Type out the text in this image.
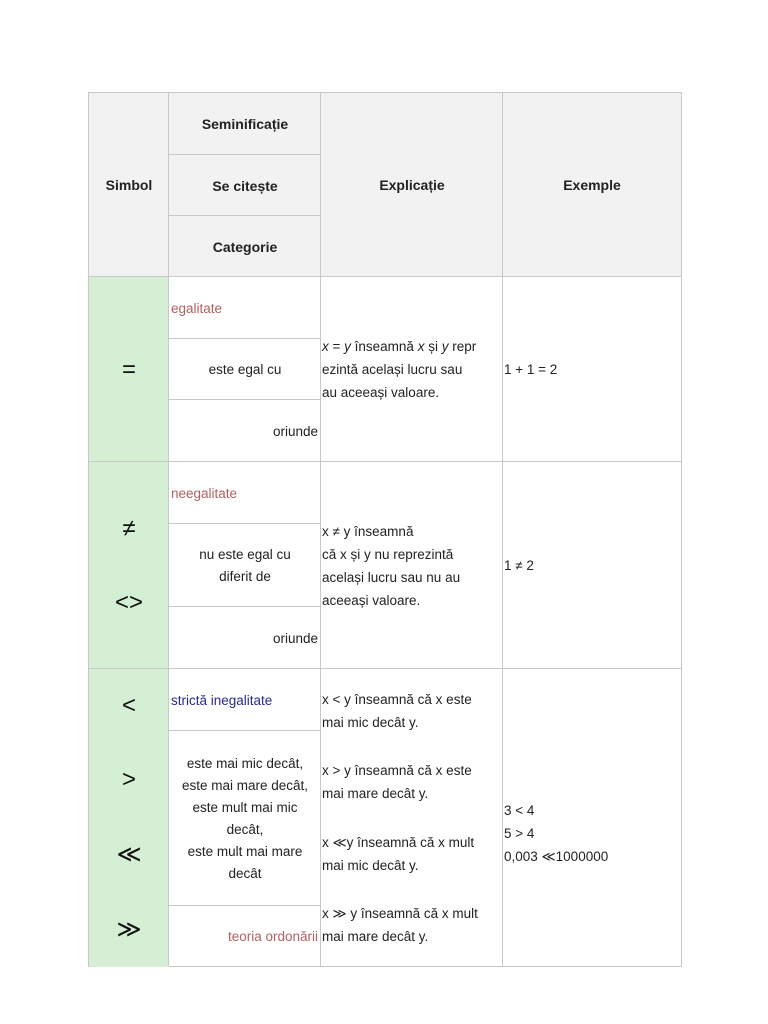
Simbol
Seminificație
Se citește
Categorie
Explicație	Exemple
=
egalitate
este egal cu
oriunde
x = y înseamnă x și y repr
ezintă același lucru sau
au aceeași valoare.
1 + 1 = 2
≠
<>
neegalitate
nu este egal cu
diferit de
oriunde
x ≠ y înseamnă
că x și y nu reprezintă
același lucru sau nu au
aceeași valoare.
1 ≠ 2
<
>
≪
≫
strictă inegalitate
este mai mic decât,
este mai mare decât,
este mult mai mic
decât,
este mult mai mare
decât
teoria ordonării
x < y înseamnă că x este
mai mic decât y.
x > y înseamnă că x este
mai mare decât y.
x ≪y înseamnă că x mult
mai mic decât y.
x ≫ y înseamnă că x mult
mai mare decât y.
3 < 4
5 > 4
0,003 ≪1000000
